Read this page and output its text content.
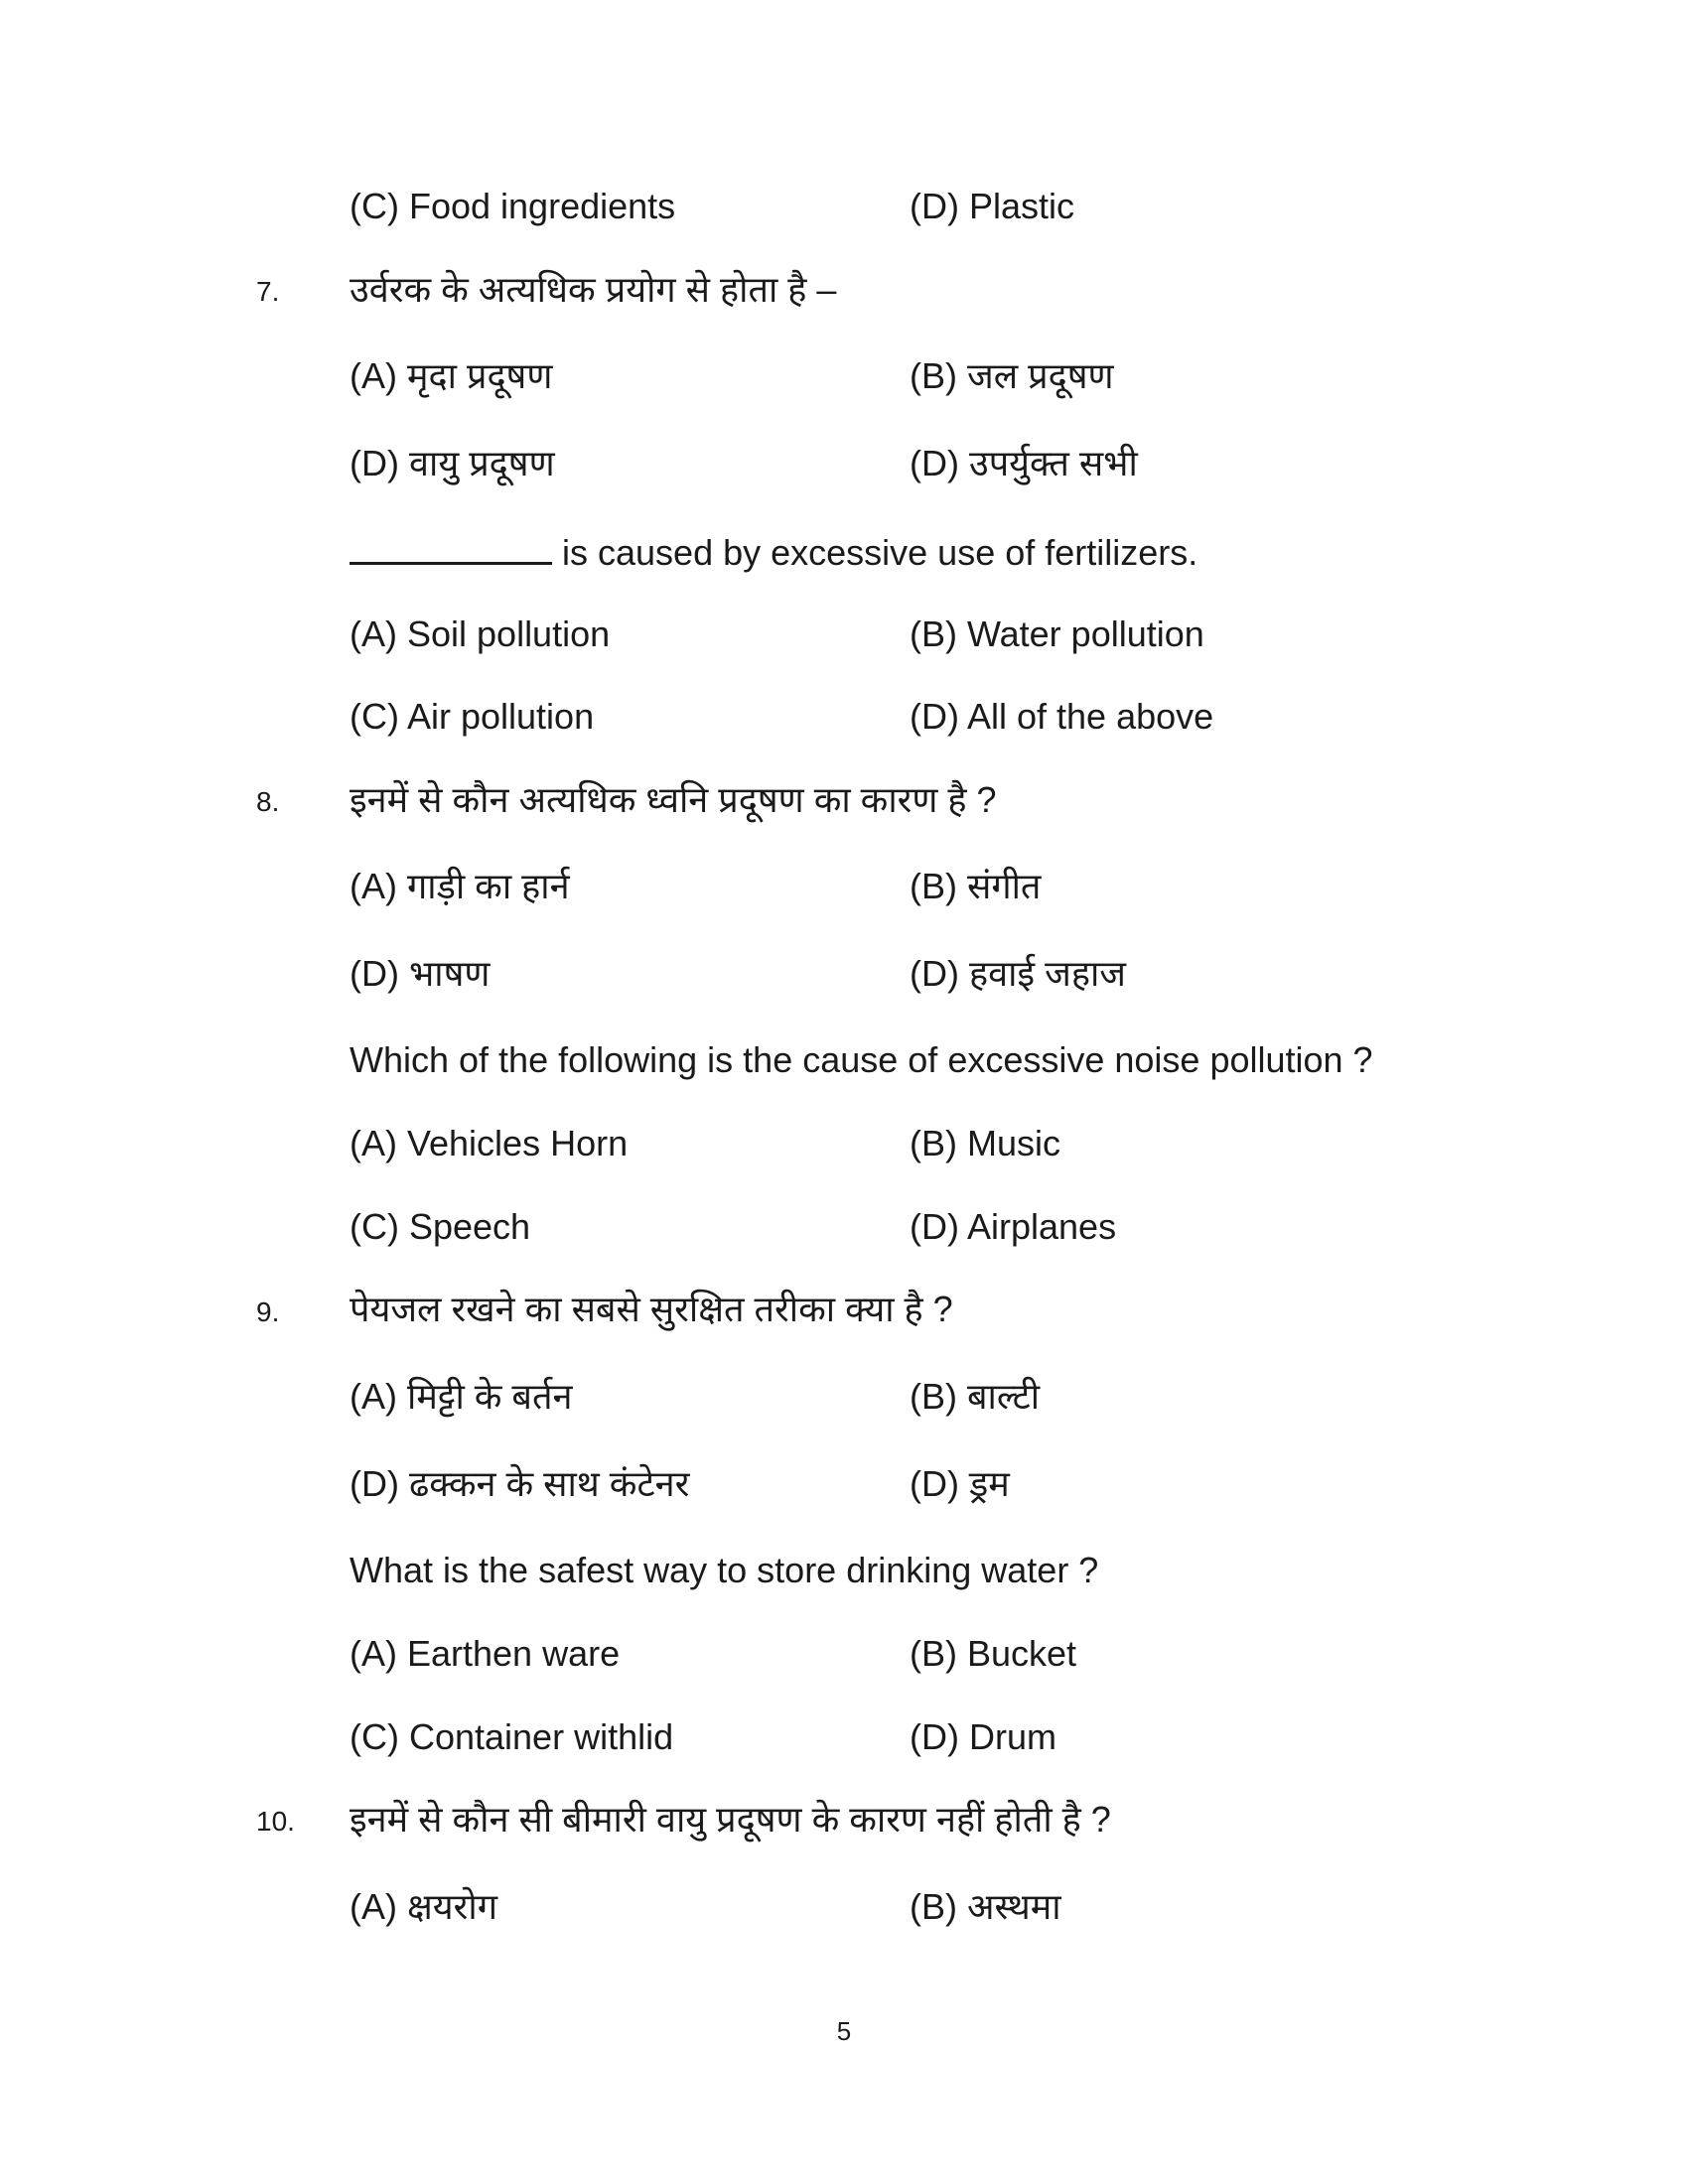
(C) Food ingredients	(D) Plastic
7. उर्वरक के अत्यधिक प्रयोग से होता है –
(A) मृदा प्रदूषण	(B) जल प्रदूषण
(D) वायु प्रदूषण	(D) उपर्युक्त सभी
is caused by excessive use of fertilizers.
(A) Soil pollution	(B) Water pollution
(C) Air pollution	(D) All of the above
8. इनमें से कौन अत्यधिक ध्वनि प्रदूषण का कारण है ?
(A) गाड़ी का हार्न	(B) संगीत
(D) भाषण	(D) हवाई जहाज
Which of the following is the cause of excessive noise pollution ?
(A) Vehicles Horn	(B) Music
(C) Speech	(D) Airplanes
9. पेयजल रखने का सबसे सुरक्षित तरीका क्या है ?
(A) मिट्टी के बर्तन	(B) बाल्टी
(D) ढक्कन के साथ कंटेनर	(D) ड्रम
What is the safest way to store drinking water ?
(A) Earthen ware	(B) Bucket
(C) Container withlid	(D) Drum
10. इनमें से कौन सी बीमारी वायु प्रदूषण के कारण नहीं होती है ?
(A) क्षयरोग	(B) अस्थमा
5
